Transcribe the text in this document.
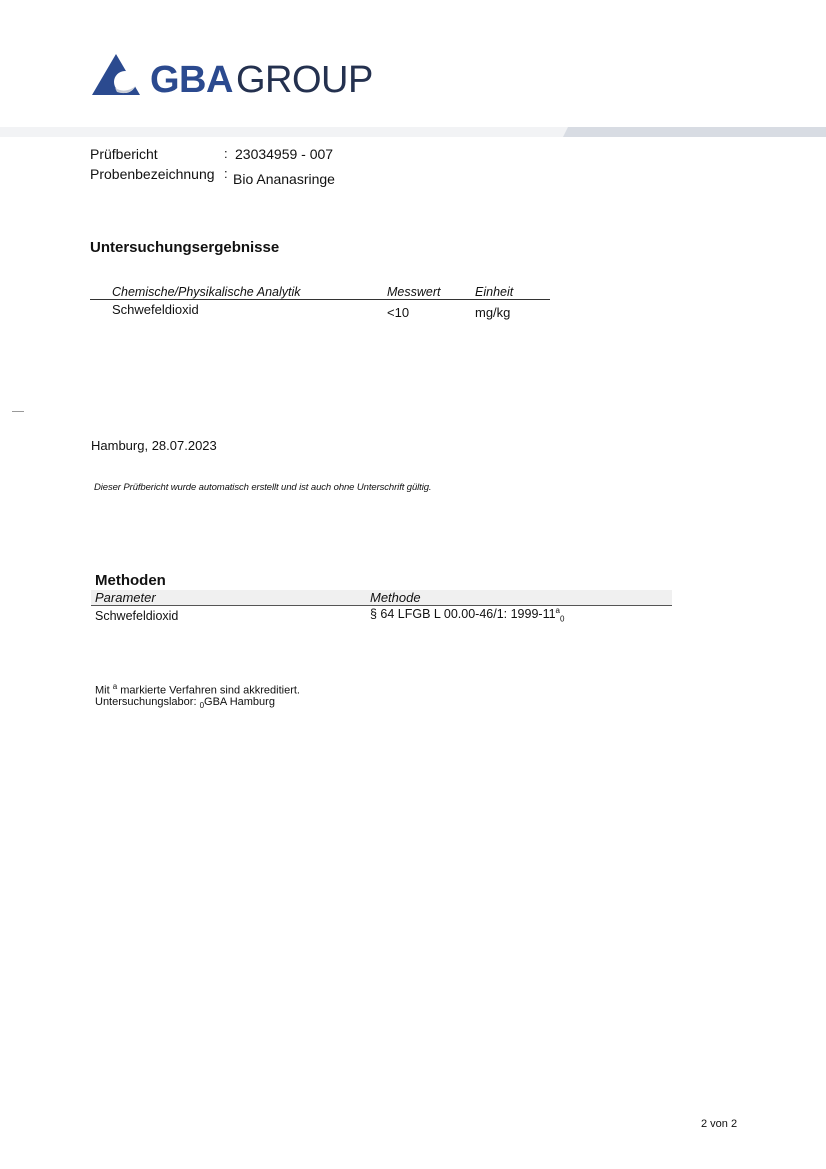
GBA GROUP
Prüfbericht	: 23034959 - 007
Probenbezeichnung : Bio Ananasringe
Untersuchungsergebnisse
Chemische/Physikalische Analytik	Messwert	Einheit
Schwefeldioxid	<10	mg/kg
Hamburg, 28.07.2023
Dieser Prüfbericht wurde automatisch erstellt und ist auch ohne Unterschrift gültig.
Methoden
Parameter	Methode
Schwefeldioxid	§ 64 LFGB L 00.00-46/1: $1999-11^a_0$
Mit $^a$ markierte Verfahren sind akkreditiert.
Untersuchungslabor: $_0$GBA Hamburg
2 von 2
